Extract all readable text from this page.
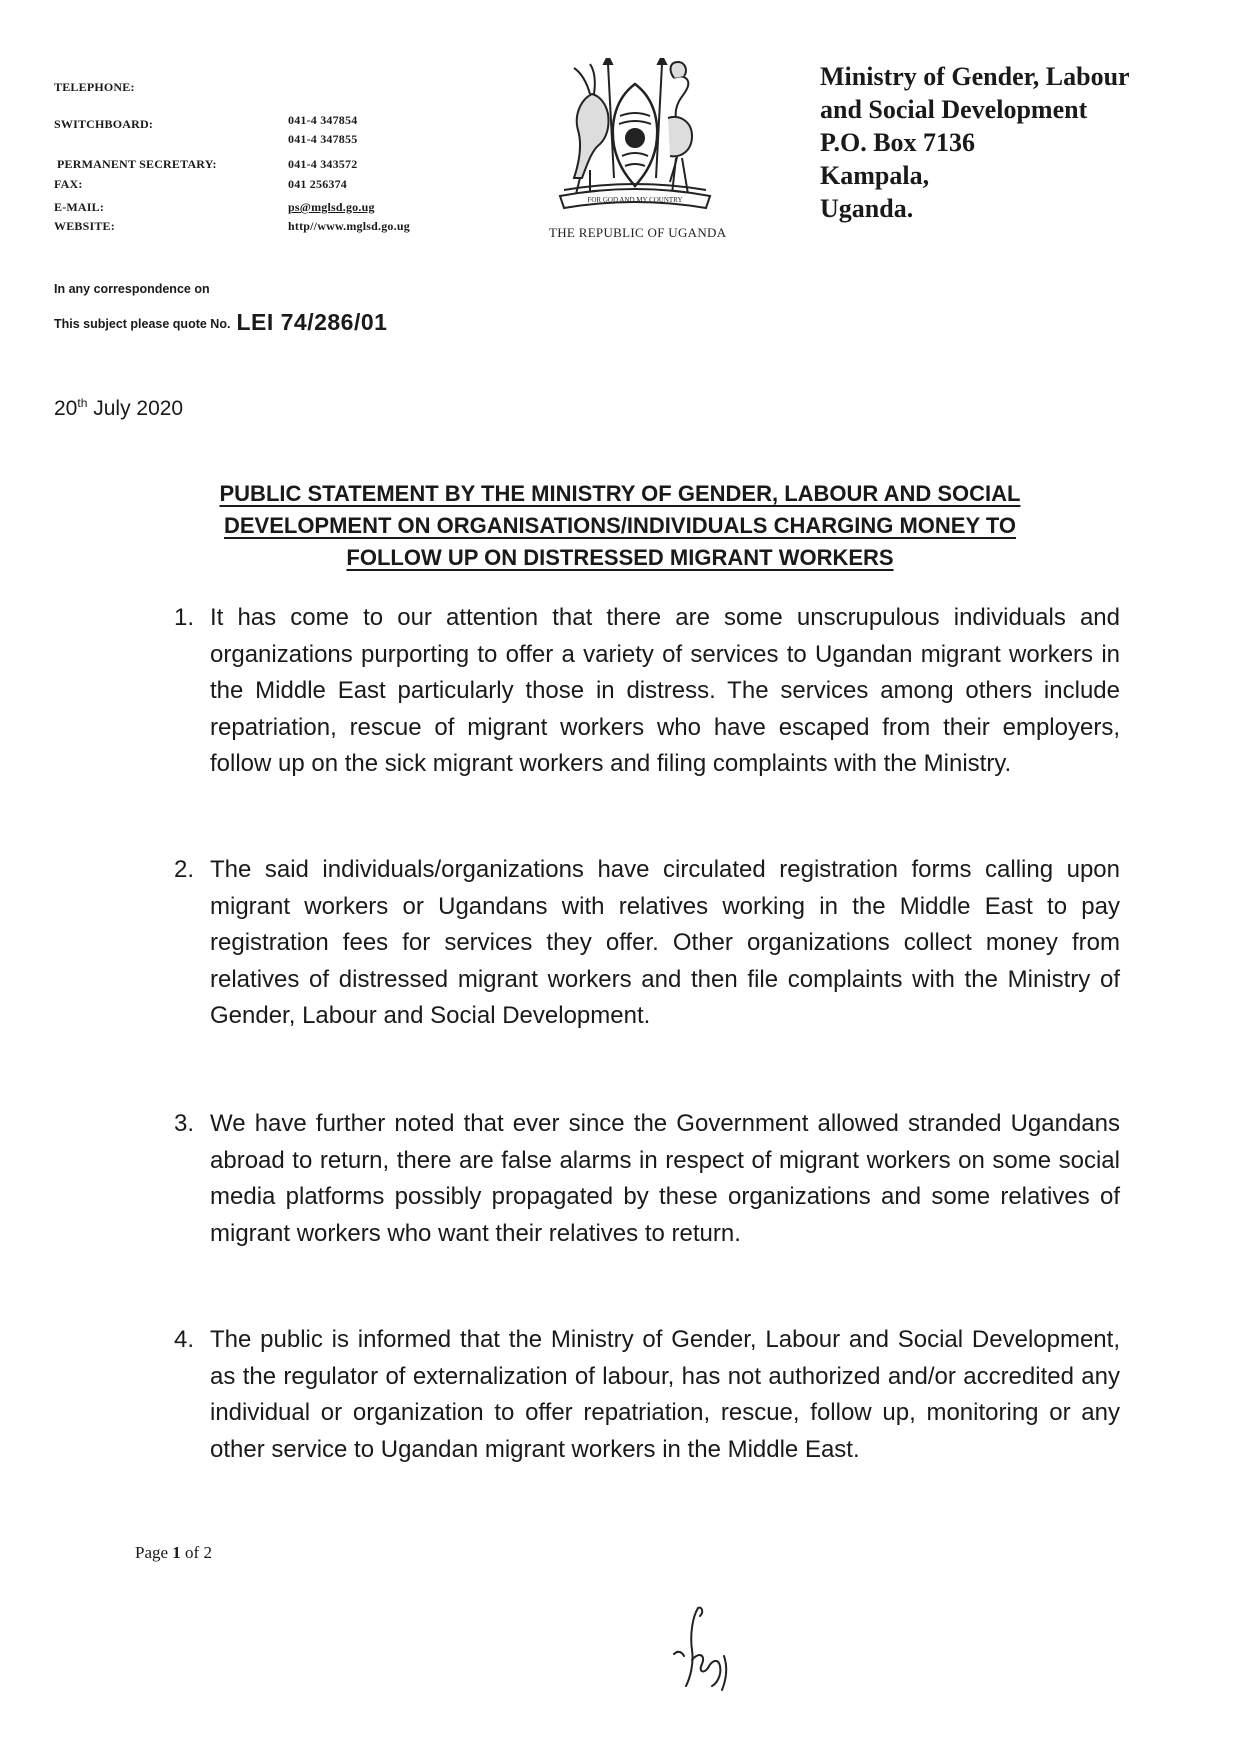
TELEPHONE:
SWITCHBOARD:	041-4 347854
041-4 347855
PERMANENT SECRETARY:	041-4 343572
FAX:	041 256374
E-MAIL:	ps@mglsd.go.ug
WEBSITE:	http//www.mglsd.go.ug
FOR GOD AND MY COUNTRY
THE REPUBLIC OF UGANDA
Ministry of Gender, Labour
and Social Development
P.O. Box 7136
Kampala,
Uganda.
In any correspondence on
This subject please quote No. LEI 74/286/01
20th July 2020
PUBLIC STATEMENT BY THE MINISTRY OF GENDER, LABOUR AND SOCIAL
DEVELOPMENT ON ORGANISATIONS/INDIVIDUALS CHARGING MONEY TO
FOLLOW UP ON DISTRESSED MIGRANT WORKERS
1. It has come to our attention that there are some unscrupulous individuals and organizations purporting to offer a variety of services to Ugandan migrant workers in the Middle East particularly those in distress. The services among others include repatriation, rescue of migrant workers who have escaped from their employers, follow up on the sick migrant workers and filing complaints with the Ministry.
2. The said individuals/organizations have circulated registration forms calling upon migrant workers or Ugandans with relatives working in the Middle East to pay registration fees for services they offer. Other organizations collect money from relatives of distressed migrant workers and then file complaints with the Ministry of Gender, Labour and Social Development.
3. We have further noted that ever since the Government allowed stranded Ugandans abroad to return, there are false alarms in respect of migrant workers on some social media platforms possibly propagated by these organizations and some relatives of migrant workers who want their relatives to return.
4. The public is informed that the Ministry of Gender, Labour and Social Development, as the regulator of externalization of labour, has not authorized and/or accredited any individual or organization to offer repatriation, rescue, follow up, monitoring or any other service to Ugandan migrant workers in the Middle East.
Page 1 of 2
